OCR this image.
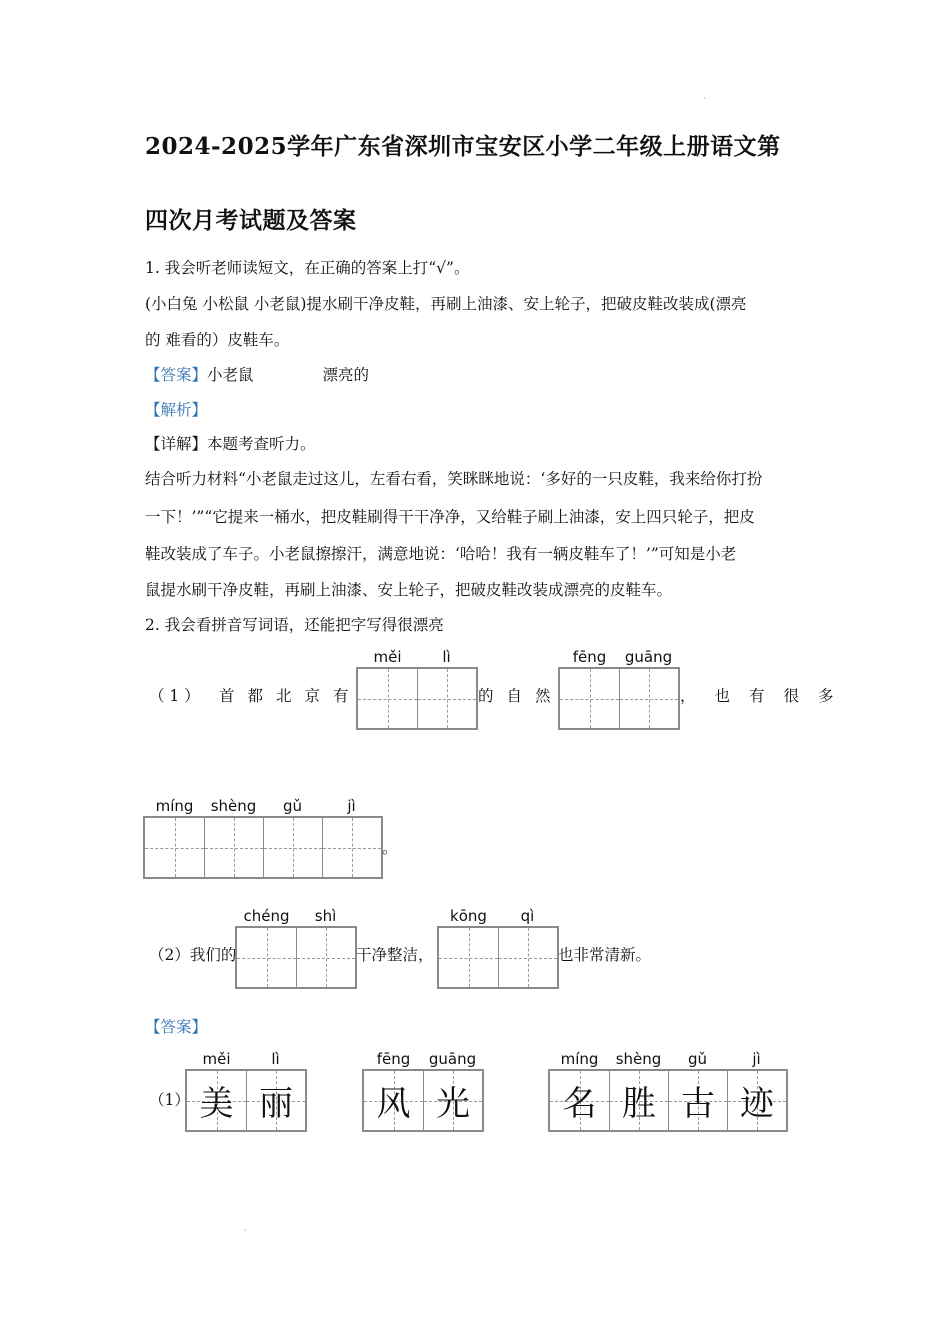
·
·
2024-2025学年广东省深圳市宝安区小学二年级上册语文第
四次月考试题及答案
1. 我会听老师读短文，在正确的答案上打“√”。
(小白兔 小松鼠 小老鼠)提水刷干净皮鞋，再刷上油漆、安上轮子，把破皮鞋改装成(漂亮
的 难看的）皮鞋车。
【答案】小老鼠              漂亮的
【解析】
【详解】本题考查听力。
结合听力材料“小老鼠走过这儿，左看右看，笑眯眯地说：‘多好的一只皮鞋，我来给你打扮
一下！’”“它提来一桶水，把皮鞋刷得干干净净，又给鞋子刷上油漆，安上四只轮子，把皮
鞋改装成了车子。小老鼠擦擦汗，满意地说：‘哈哈！我有一辆皮鞋车了！’”可知是小老
鼠提水刷干净皮鞋，再刷上油漆、安上轮子，把破皮鞋改装成漂亮的皮鞋车。
2. 我会看拼音写词语，还能把字写得很漂亮
（ 1 ） 首都北京有
měi	lì
的自然
fēng	guāng
，也有很多
míng	shèng	gǔ	jì
。
（2）我们的
chéng	shì
干净整洁，
kōng	qì
也非常清新。
【答案】
（1）
měi	lì
美 丽
fēng	guāng
风 光
míng	shèng	gǔ	jì
名 胜 古 迹
